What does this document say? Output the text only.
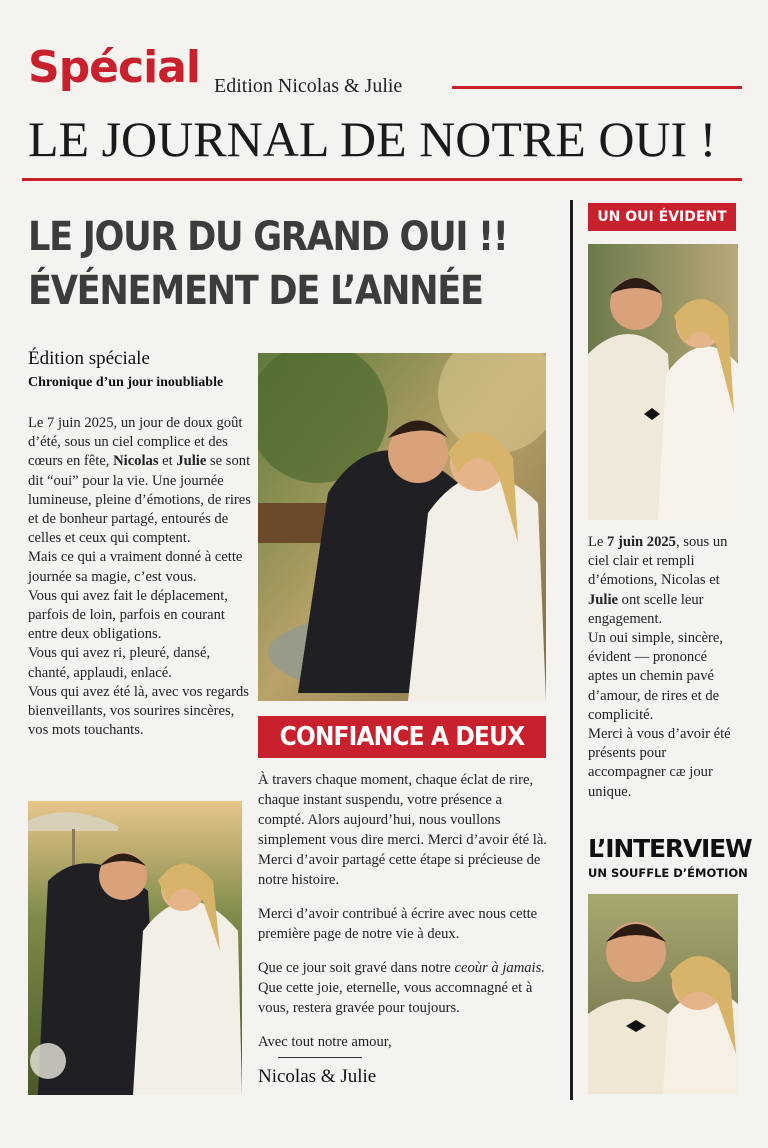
Spécial Edition Nicolas & Julie
LE JOURNAL DE NOTRE OUI !
LE JOUR DU GRAND OUI !!
ÉVÉNEMENT DE L’ANNÉE
Édition spéciale
Chronique d’un jour inoubliable

Le 7 juin 2025, un jour de doux goût d’été, sous un ciel complice et des cœurs en fête, Nicolas et Julie se sont dit “oui” pour la vie. Une journée lumineuse, pleine d’émotions, de rires et de bonheur partagé, entourés de celles et ceux qui comptent.

Mais ce qui a vraiment donné à cette journée sa magie, c’est vous.

Vous qui avez fait le déplacement, parfois de loin, parfois en courant entre deux obligations.

Vous qui avez ri, pleuré, dansé, chanté, applaudi, enlacé.

Vous qui avez été là, avec vos regards bienveillants, vos sourires sincères, vos mots touchants.	CONFIANCE A DEUX

À travers chaque moment, chaque éclat de rire, chaque instant suspendu, votre présence a compté. Alors aujourd’hui, nous voullons simplement vous dire merci. Merci d’avoir été là. Merci d’avoir partagé cette étape si précieuse de notre histoire.

Merci d’avoir contribué à écrire avec nous cette première page de notre vie à deux.

Que ce jour soit gravé dans notre ceoùr à jamais. Que cette joie, eternelle, vous accomnagné et à vous, restera gravée pour toujours.

Avec tout notre amour,

Nicolas & Julie
UN OUI ÉVIDENT

Le 7 juin 2025, sous un ciel clair et rempli d’émotions, Nicolas et Julie ont scelle leur engagement.

Un oui simple, sincère, évident — prononcé aptes un chemin pavé d’amour, de rires et de complicité.

Merci à vous d’avoir été présents pour accompagner cæ jour unique.

L’INTERVIEW
UN SOUFFLE D’ÉMOTION
